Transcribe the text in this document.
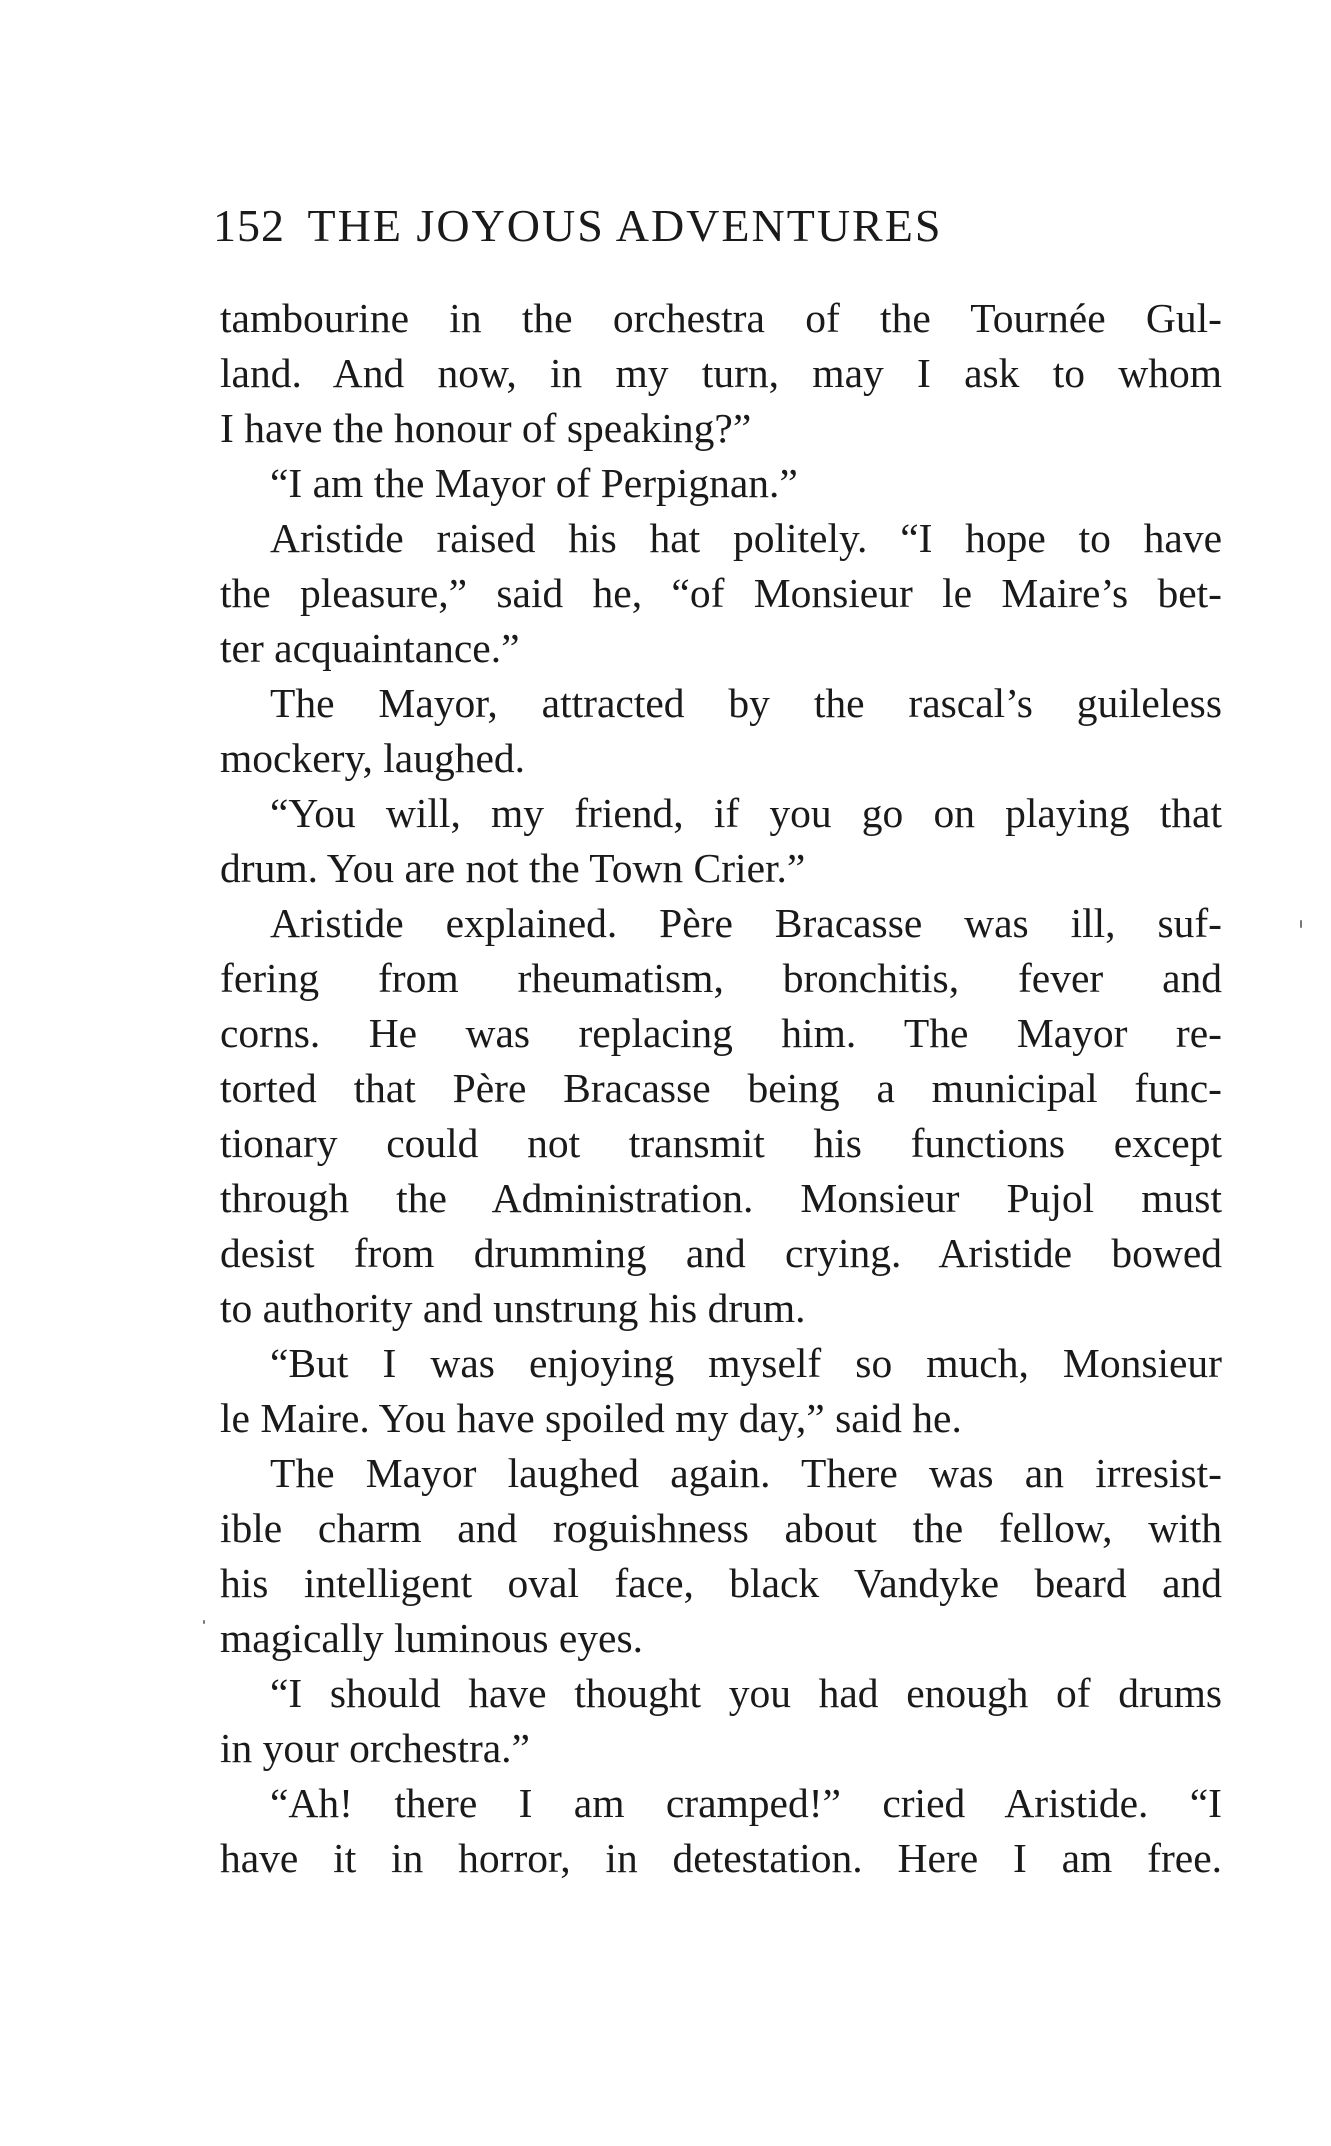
152 THE JOYOUS ADVENTURES
tambourine in the orchestra of the Tournée Gul-
land. And now, in my turn, may I ask to whom
I have the honour of speaking?”
“I am the Mayor of Perpignan.”
Aristide raised his hat politely. “I hope to have
the pleasure,” said he, “of Monsieur le Maire’s bet-
ter acquaintance.”
The Mayor, attracted by the rascal’s guileless
mockery, laughed.
“You will, my friend, if you go on playing that
drum. You are not the Town Crier.”
Aristide explained. Père Bracasse was ill, suf-
fering from rheumatism, bronchitis, fever and
corns. He was replacing him. The Mayor re-
torted that Père Bracasse being a municipal func-
tionary could not transmit his functions except
through the Administration. Monsieur Pujol must
desist from drumming and crying. Aristide bowed
to authority and unstrung his drum.
“But I was enjoying myself so much, Monsieur
le Maire. You have spoiled my day,” said he.
The Mayor laughed again. There was an irresist-
ible charm and roguishness about the fellow, with
his intelligent oval face, black Vandyke beard and
magically luminous eyes.
“I should have thought you had enough of drums
in your orchestra.”
“Ah! there I am cramped!” cried Aristide. “I
have it in horror, in detestation. Here I am free.
